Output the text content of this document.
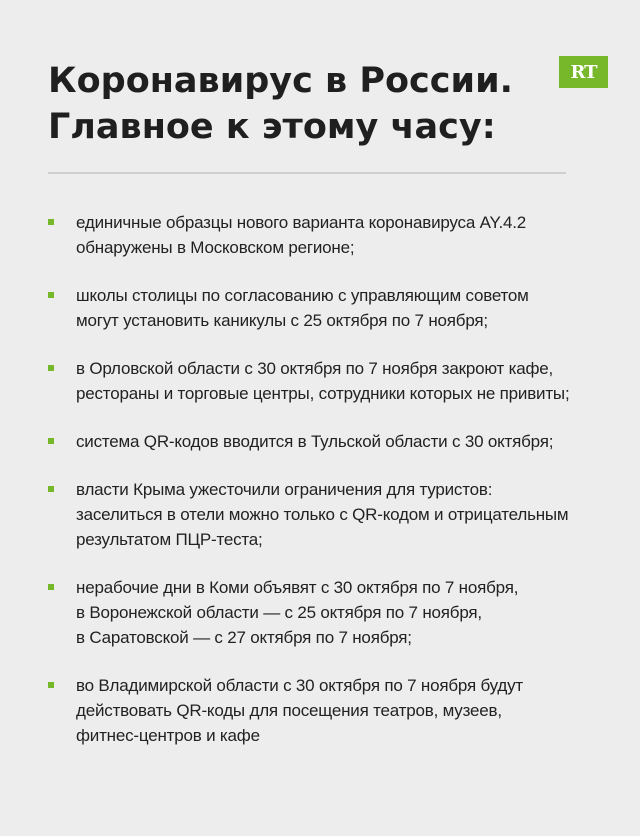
Коронавирус в России.
Главное к этому часу:
RT
единичные образцы нового варианта коронавируса AY.4.2
обнаружены в Московском регионе;
школы столицы по согласованию с управляющим советом
могут установить каникулы с 25 октября по 7 ноября;
в Орловской области с 30 октября по 7 ноября закроют кафе,
рестораны и торговые центры, сотрудники которых не привиты;
система QR-кодов вводится в Тульской области с 30 октября;
власти Крыма ужесточили ограничения для туристов:
заселиться в отели можно только с QR-кодом и отрицательным
результатом ПЦР-теста;
нерабочие дни в Коми объявят с 30 октября по 7 ноября,
в Воронежской области — с 25 октября по 7 ноября,
в Саратовской — с 27 октября по 7 ноября;
во Владимирской области с 30 октября по 7 ноября будут
действовать QR-коды для посещения театров, музеев,
фитнес-центров и кафе
